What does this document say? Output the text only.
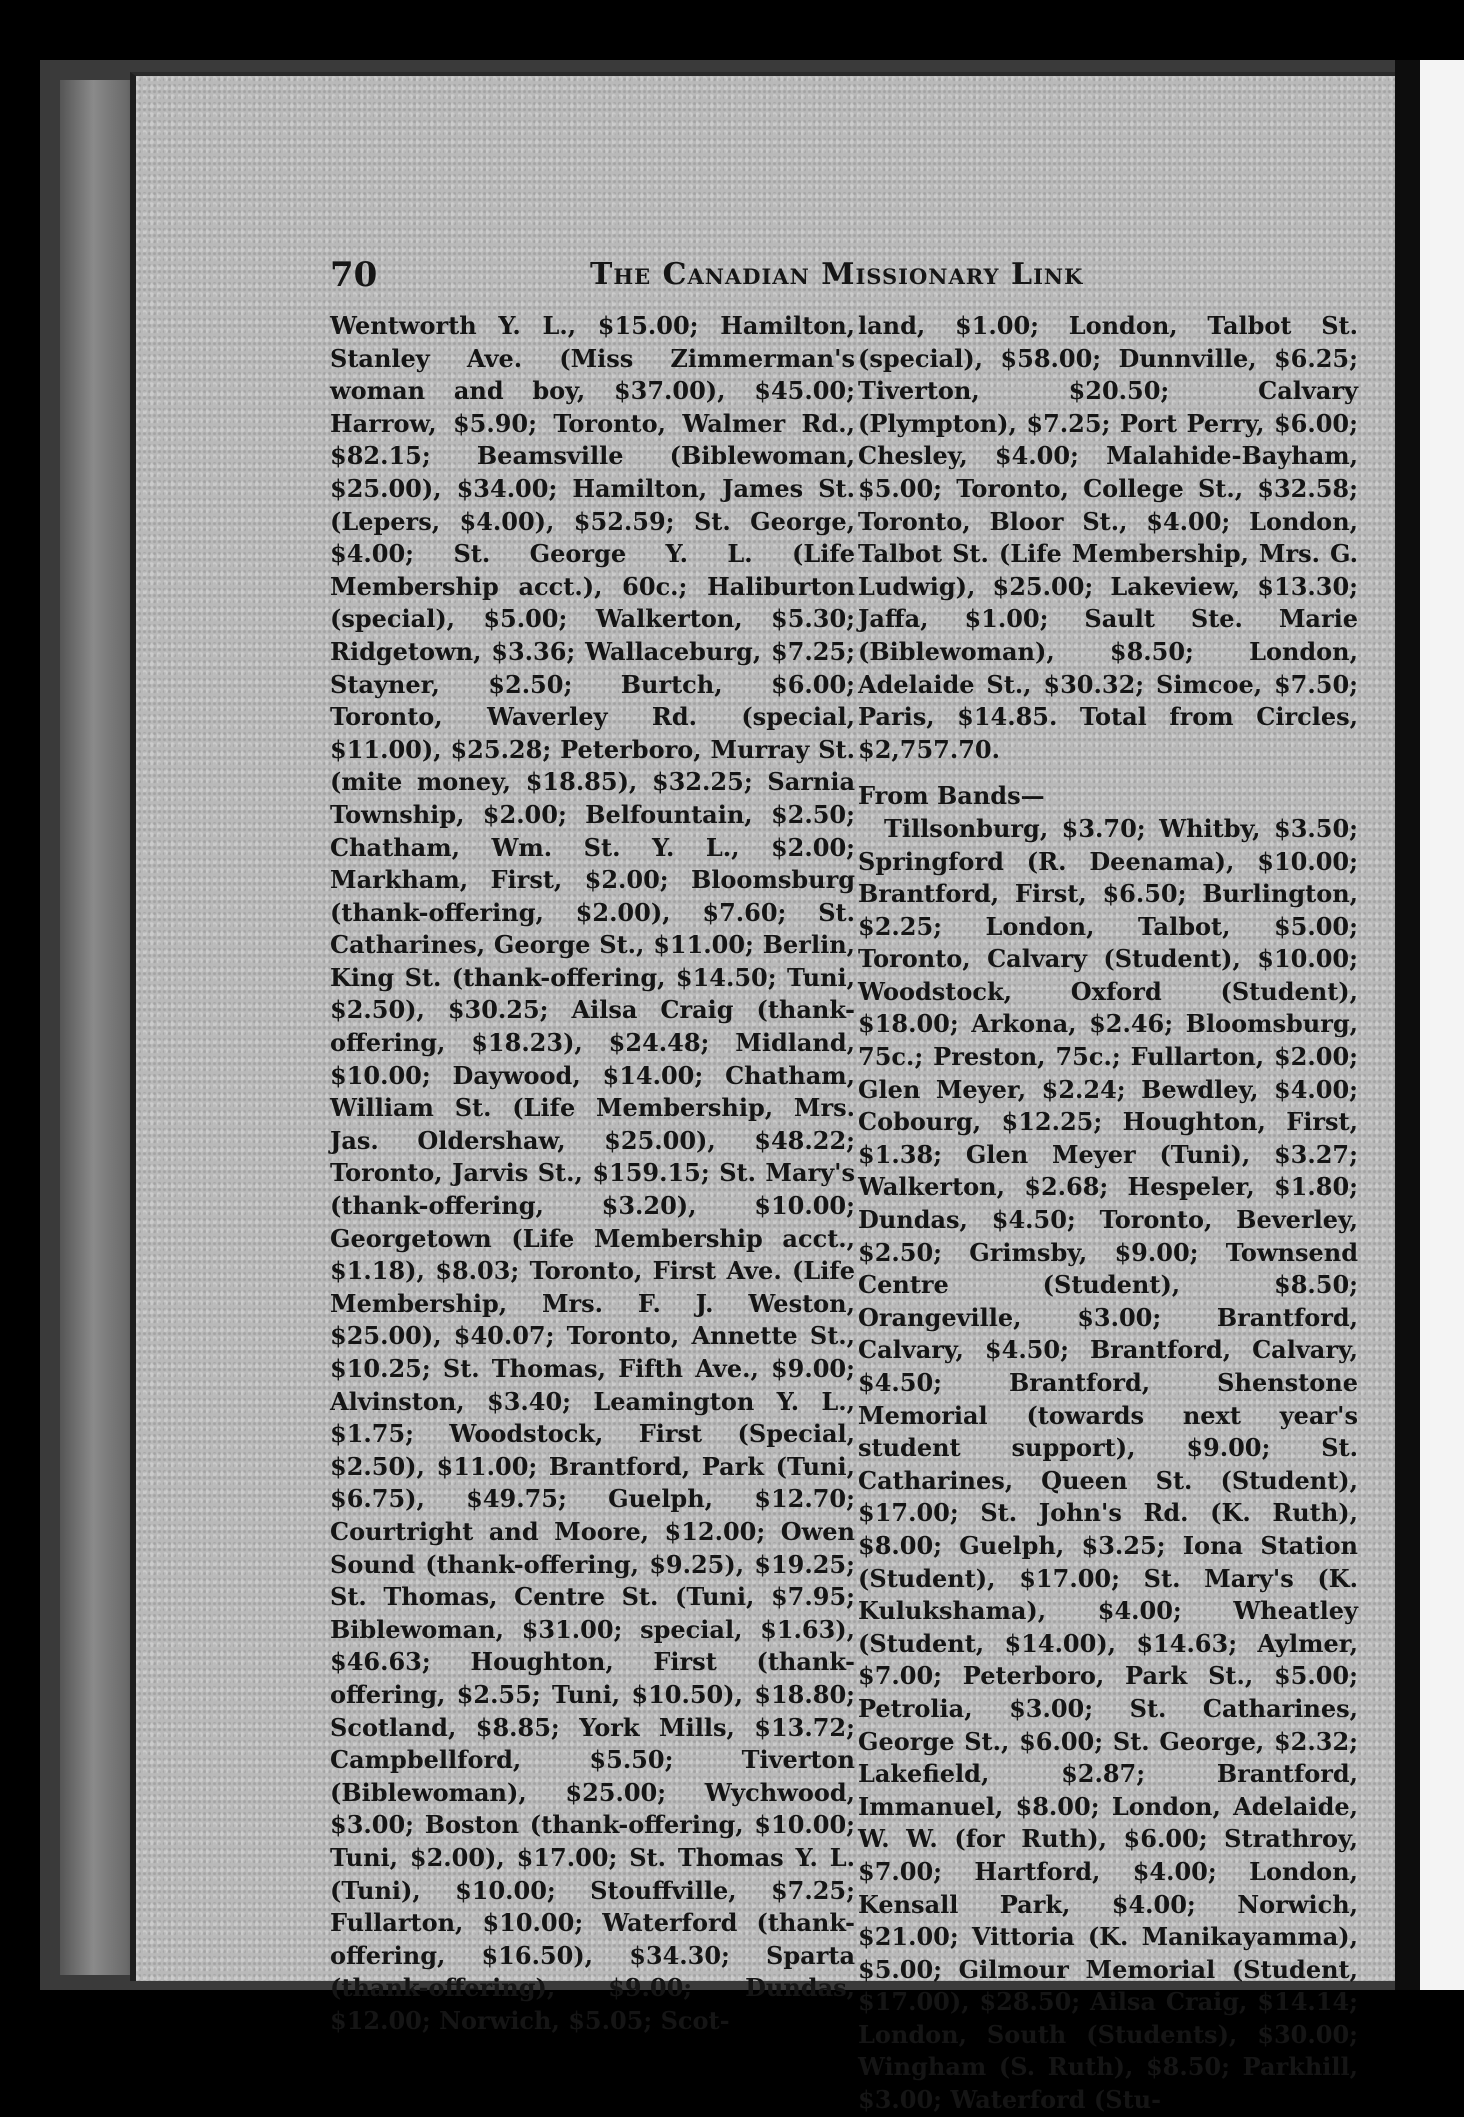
70	The Canadian Missionary Link

Wentworth Y. L., $15.00; Hamilton, Stanley Ave. (Miss Zimmerman's woman and boy, $37.00), $45.00; Harrow, $5.90; Toronto, Walmer Rd., $82.15; Beamsville (Biblewoman, $25.00), $34.00; Hamilton, James St. (Lepers, $4.00), $52.59; St. George, $4.00; St. George Y. L. (Life Membership acct.), 60c.; Haliburton (special), $5.00; Walkerton, $5.30; Ridgetown, $3.36; Wallaceburg, $7.25; Stayner, $2.50; Burtch, $6.00; Toronto, Waverley Rd. (special, $11.00), $25.28; Peterboro, Murray St. (mite money, $18.85), $32.25; Sarnia Township, $2.00; Belfountain, $2.50; Chatham, Wm. St. Y. L., $2.00; Markham, First, $2.00; Bloomsburg (thank-offering, $2.00), $7.60; St. Catharines, George St., $11.00; Berlin, King St. (thank-offering, $14.50; Tuni, $2.50), $30.25; Ailsa Craig (thank-offering, $18.23), $24.48; Midland, $10.00; Daywood, $14.00; Chatham, William St. (Life Membership, Mrs. Jas. Oldershaw, $25.00), $48.22; Toronto, Jarvis St., $159.15; St. Mary's (thank-offering, $3.20), $10.00; Georgetown (Life Membership acct., $1.18), $8.03; Toronto, First Ave. (Life Membership, Mrs. F. J. Weston, $25.00), $40.07; Toronto, Annette St., $10.25; St. Thomas, Fifth Ave., $9.00; Alvinston, $3.40; Leamington Y. L., $1.75; Woodstock, First (Special, $2.50), $11.00; Brantford, Park (Tuni, $6.75), $49.75; Guelph, $12.70; Courtright and Moore, $12.00; Owen Sound (thank-offering, $9.25), $19.25; St. Thomas, Centre St. (Tuni, $7.95; Biblewoman, $31.00; special, $1.63), $46.63; Houghton, First (thank-offering, $2.55; Tuni, $10.50), $18.80; Scotland, $8.85; York Mills, $13.72; Campbellford, $5.50; Tiverton (Biblewoman), $25.00; Wychwood, $3.00; Boston (thank-offering, $10.00; Tuni, $2.00), $17.00; St. Thomas Y. L. (Tuni), $10.00; Stouffville, $7.25; Fullarton, $10.00; Waterford (thank-offering, $16.50), $34.30; Sparta (thank-offering), $9.00; Dundas, $12.00; Norwich, $5.05; Scot-

land, $1.00; London, Talbot St. (special), $58.00; Dunnville, $6.25; Tiverton, $20.50; Calvary (Plympton), $7.25; Port Perry, $6.00; Chesley, $4.00; Malahide-Bayham, $5.00; Toronto, College St., $32.58; Toronto, Bloor St., $4.00; London, Talbot St. (Life Membership, Mrs. G. Ludwig), $25.00; Lakeview, $13.30; Jaffa, $1.00; Sault Ste. Marie (Biblewoman), $8.50; London, Adelaide St., $30.32; Simcoe, $7.50; Paris, $14.85. Total from Circles, $2,757.70.

From Bands—

Tillsonburg, $3.70; Whitby, $3.50; Springford (R. Deenama), $10.00; Brantford, First, $6.50; Burlington, $2.25; London, Talbot, $5.00; Toronto, Calvary (Student), $10.00; Woodstock, Oxford (Student), $18.00; Arkona, $2.46; Bloomsburg, 75c.; Preston, 75c.; Fullarton, $2.00; Glen Meyer, $2.24; Bewdley, $4.00; Cobourg, $12.25; Houghton, First, $1.38; Glen Meyer (Tuni), $3.27; Walkerton, $2.68; Hespeler, $1.80; Dundas, $4.50; Toronto, Beverley, $2.50; Grimsby, $9.00; Townsend Centre (Student), $8.50; Orangeville, $3.00; Brantford, Calvary, $4.50; Brantford, Calvary, $4.50; Brantford, Shenstone Memorial (towards next year's student support), $9.00; St. Catharines, Queen St. (Student), $17.00; St. John's Rd. (K. Ruth), $8.00; Guelph, $3.25; Iona Station (Student), $17.00; St. Mary's (K. Kulukshama), $4.00; Wheatley (Student, $14.00), $14.63; Aylmer, $7.00; Peterboro, Park St., $5.00; Petrolia, $3.00; St. Catharines, George St., $6.00; St. George, $2.32; Lakefield, $2.87; Brantford, Immanuel, $8.00; London, Adelaide, W. W. (for Ruth), $6.00; Strathroy, $7.00; Hartford, $4.00; London, Kensall Park, $4.00; Norwich, $21.00; Vittoria (K. Manikayamma), $5.00; Gilmour Memorial (Student, $17.00), $28.50; Ailsa Craig, $14.14; London, South (Students), $30.00; Wingham (S. Ruth), $8.50; Parkhill, $3.00; Waterford (Stu-
